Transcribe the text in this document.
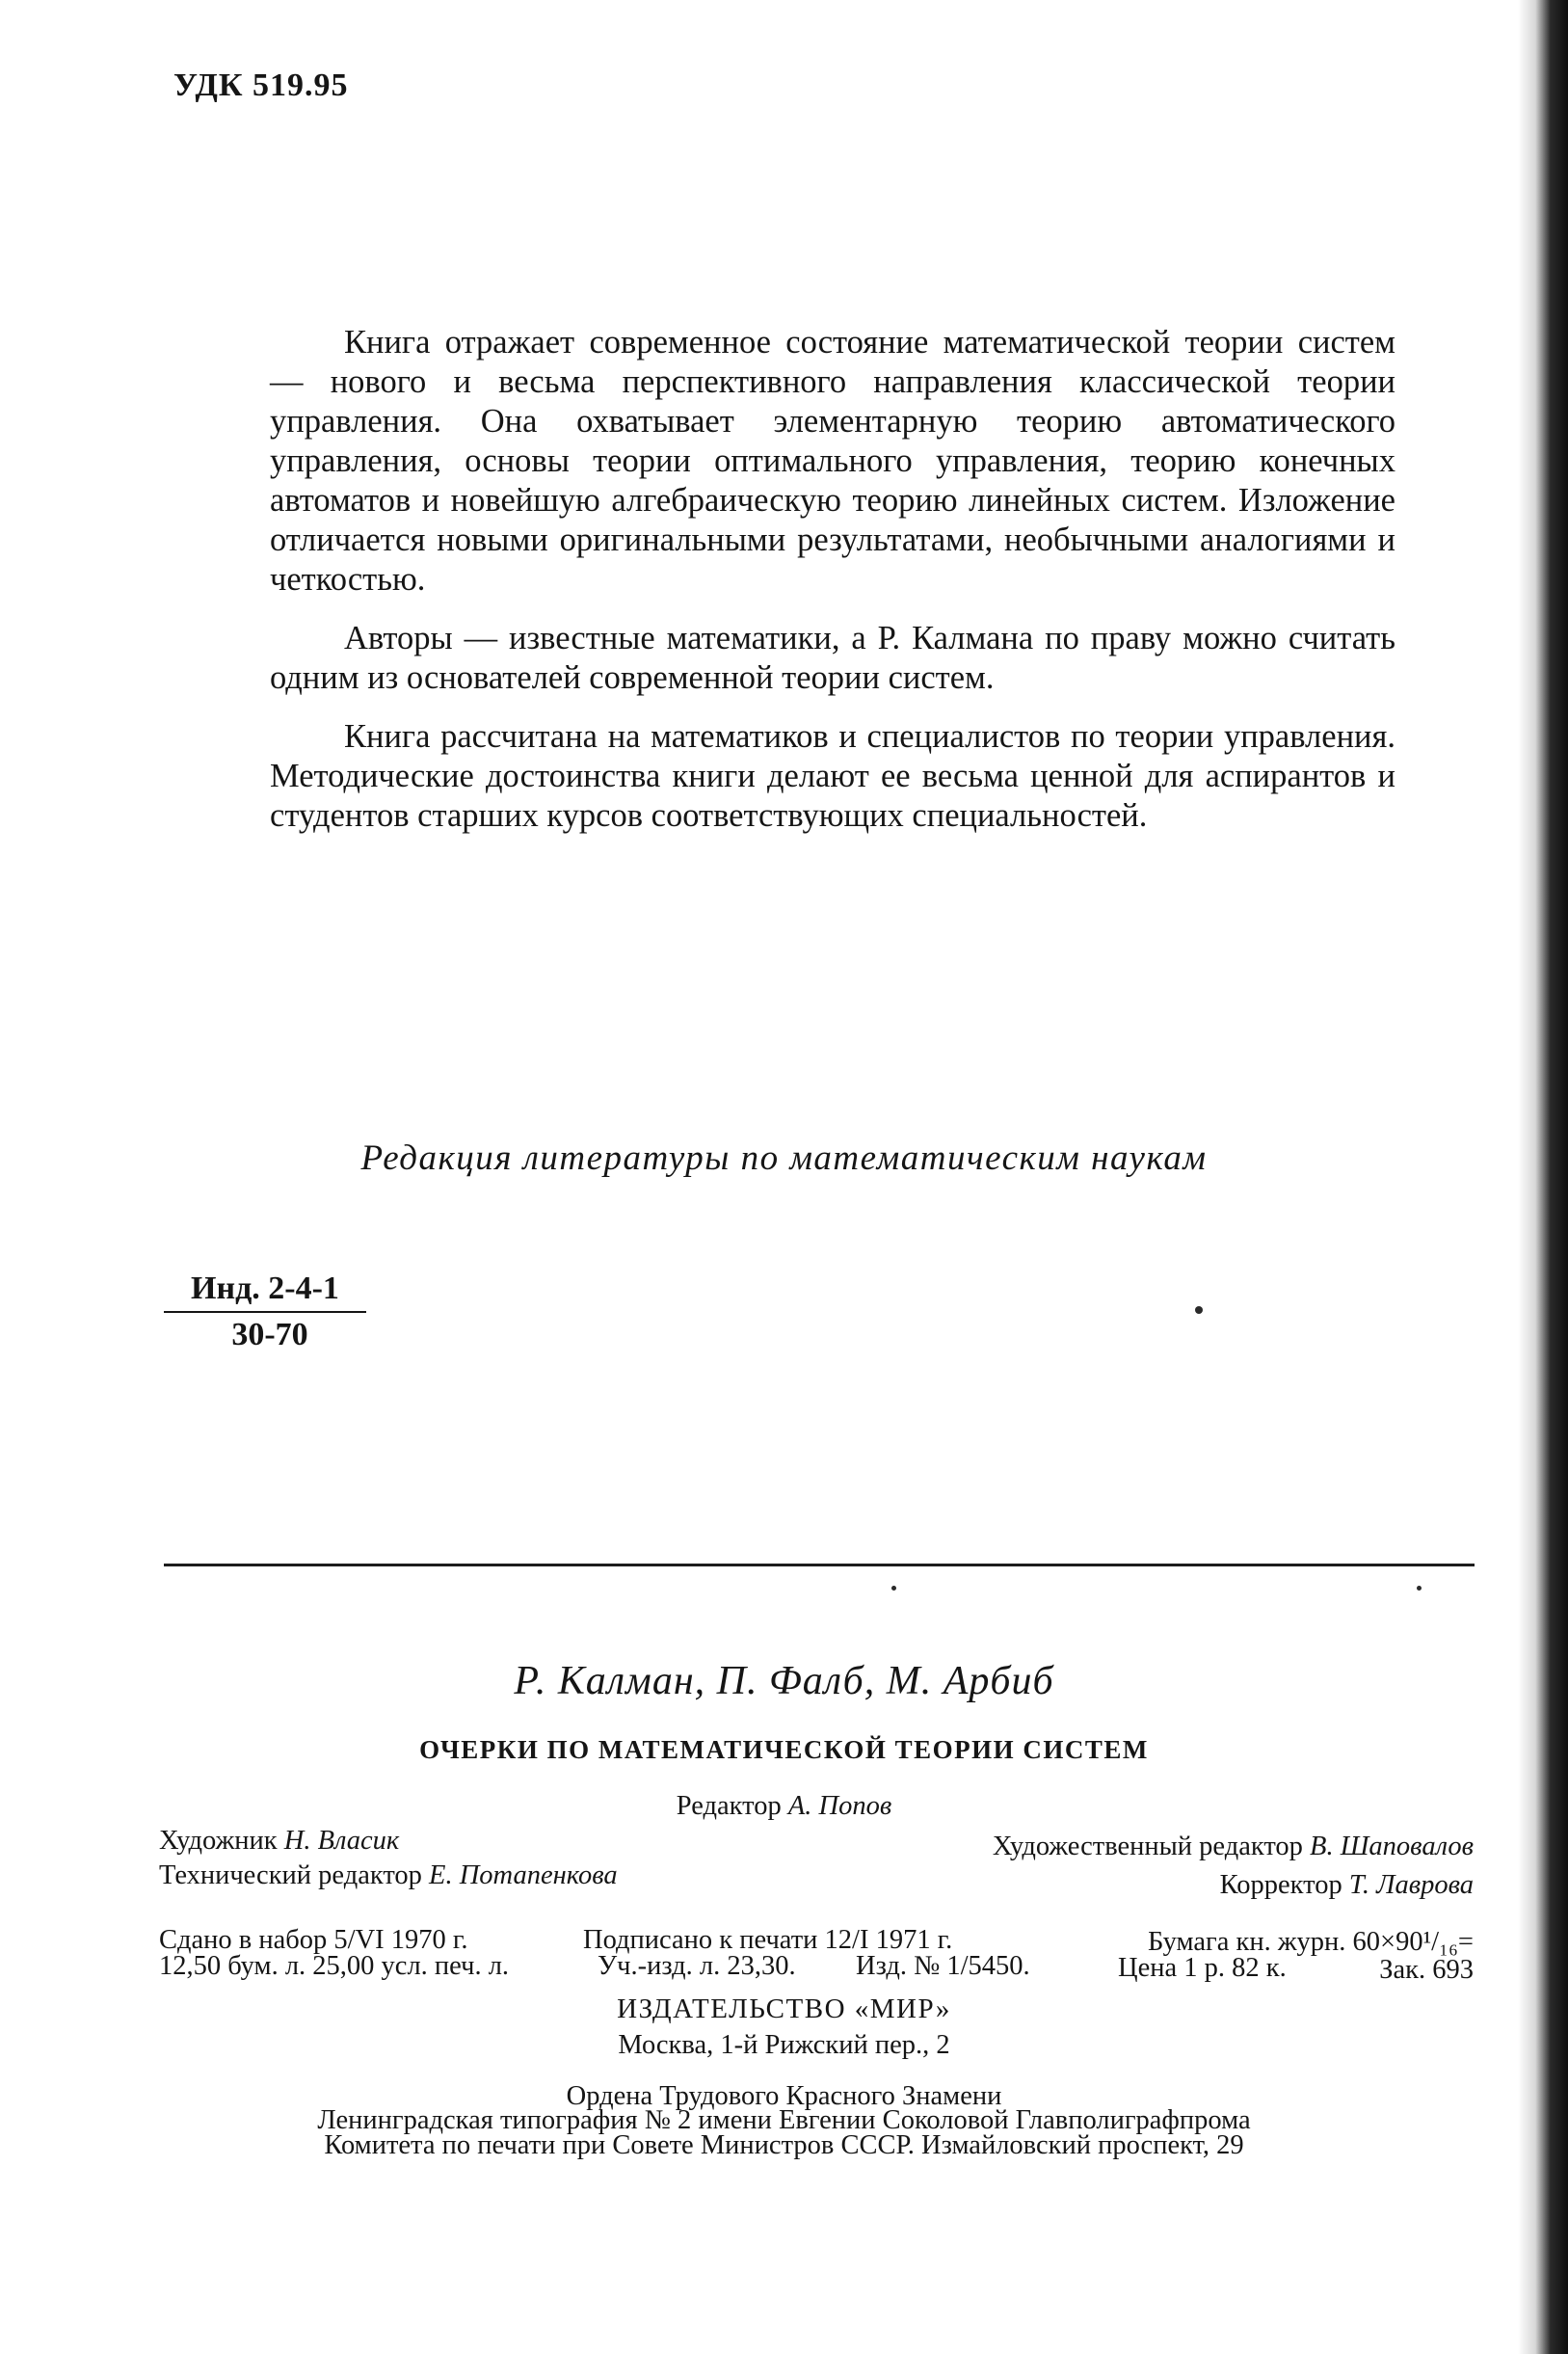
УДК 519.95

Книга отражает современное состояние математической теории систем — нового и весьма перспективного направления классической теории управления. Она охватывает элементарную теорию автоматического управления, основы теории оптимального управления, теорию конечных автоматов и новейшую алгебраическую теорию линейных систем. Изложение отличается новыми оригинальными результатами, необычными аналогиями и четкостью.

Авторы — известные математики, а Р. Калмана по праву можно считать одним из основателей современной теории систем.

Книга рассчитана на математиков и специалистов по теории управления. Методические достоинства книги делают ее весьма ценной для аспирантов и студентов старших курсов соответствующих специальностей.

Редакция литературы по математическим наукам
Инд. 2-4-1
30-70
Р. Калман, П. Фалб, М. Арбиб
ОЧЕРКИ ПО МАТЕМАТИЧЕСКОЙ ТЕОРИИ СИСТЕМ
Редактор А. Попов
Художник Н. Власик	Художественный редактор В. Шаповалов
Технический редактор Е. Потапенкова	Корректор Т. Лаврова
Сдано в набор 5/VI 1970 г.	Подписано к печати 12/I 1971 г.	Бумага кн. журн. 60×90¹/₁₆=
12,50 бум. л. 25,00 усл. печ. л.	Уч.-изд. л. 23,30. Изд. № 1/5450.	Цена 1 р. 82 к.	Зак. 693
ИЗДАТЕЛЬСТВО «МИР»
Москва, 1-й Рижский пер., 2
Ордена Трудового Красного Знамени
Ленинградская типография № 2 имени Евгении Соколовой Главполиграфпрома
Комитета по печати при Совете Министров СССР. Измайловский проспект, 29
